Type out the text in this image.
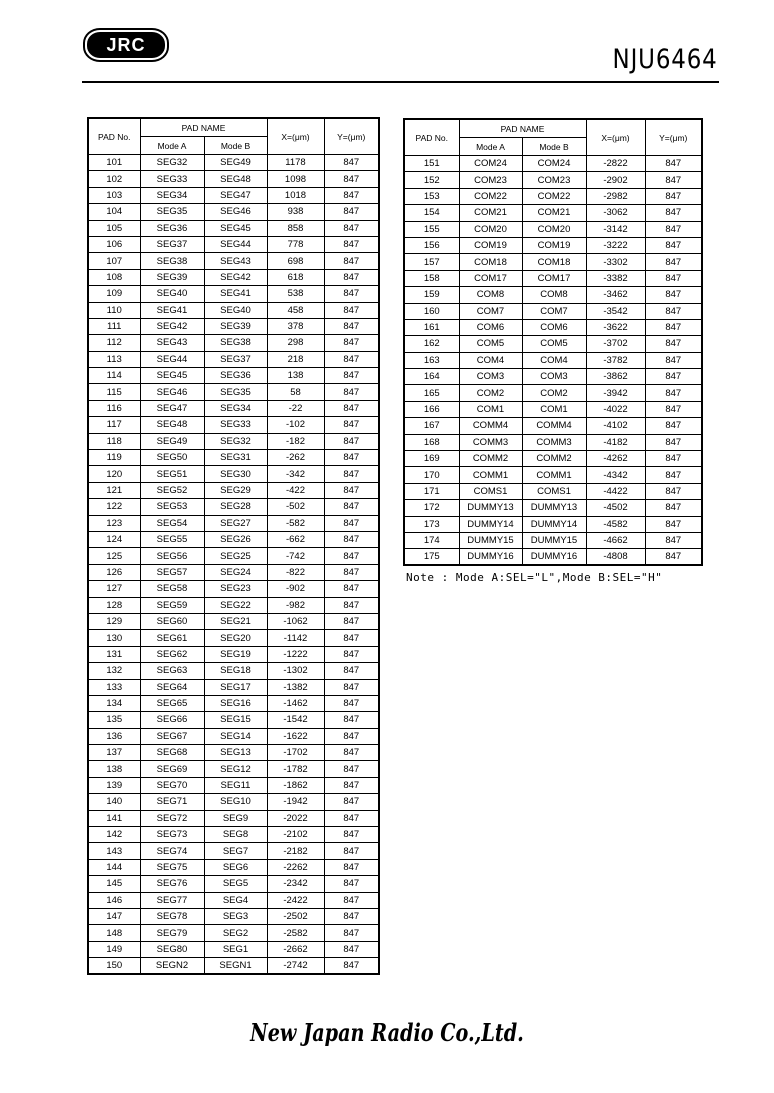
JRC	NJU6464
PAD No.	PAD NAME		X=(μm)	Y=(μm)
	Mode A	Mode B		
101	SEG32	SEG49	1178	847
102	SEG33	SEG48	1098	847
103	SEG34	SEG47	1018	847
104	SEG35	SEG46	938	847
105	SEG36	SEG45	858	847
106	SEG37	SEG44	778	847
107	SEG38	SEG43	698	847
108	SEG39	SEG42	618	847
109	SEG40	SEG41	538	847
110	SEG41	SEG40	458	847
111	SEG42	SEG39	378	847
112	SEG43	SEG38	298	847
113	SEG44	SEG37	218	847
114	SEG45	SEG36	138	847
115	SEG46	SEG35	58	847
116	SEG47	SEG34	-22	847
117	SEG48	SEG33	-102	847
118	SEG49	SEG32	-182	847
119	SEG50	SEG31	-262	847
120	SEG51	SEG30	-342	847
121	SEG52	SEG29	-422	847
122	SEG53	SEG28	-502	847
123	SEG54	SEG27	-582	847
124	SEG55	SEG26	-662	847
125	SEG56	SEG25	-742	847
126	SEG57	SEG24	-822	847
127	SEG58	SEG23	-902	847
128	SEG59	SEG22	-982	847
129	SEG60	SEG21	-1062	847
130	SEG61	SEG20	-1142	847
131	SEG62	SEG19	-1222	847
132	SEG63	SEG18	-1302	847
133	SEG64	SEG17	-1382	847
134	SEG65	SEG16	-1462	847
135	SEG66	SEG15	-1542	847
136	SEG67	SEG14	-1622	847
137	SEG68	SEG13	-1702	847
138	SEG69	SEG12	-1782	847
139	SEG70	SEG11	-1862	847
140	SEG71	SEG10	-1942	847
141	SEG72	SEG9	-2022	847
142	SEG73	SEG8	-2102	847
143	SEG74	SEG7	-2182	847
144	SEG75	SEG6	-2262	847
145	SEG76	SEG5	-2342	847
146	SEG77	SEG4	-2422	847
147	SEG78	SEG3	-2502	847
148	SEG79	SEG2	-2582	847
149	SEG80	SEG1	-2662	847
150	SEGN2	SEGN1	-2742	847
PAD No.	PAD NAME		X=(μm)	Y=(μm)
	Mode A	Mode B		
151	COM24	COM24	-2822	847
152	COM23	COM23	-2902	847
153	COM22	COM22	-2982	847
154	COM21	COM21	-3062	847
155	COM20	COM20	-3142	847
156	COM19	COM19	-3222	847
157	COM18	COM18	-3302	847
158	COM17	COM17	-3382	847
159	COM8	COM8	-3462	847
160	COM7	COM7	-3542	847
161	COM6	COM6	-3622	847
162	COM5	COM5	-3702	847
163	COM4	COM4	-3782	847
164	COM3	COM3	-3862	847
165	COM2	COM2	-3942	847
166	COM1	COM1	-4022	847
167	COMM4	COMM4	-4102	847
168	COMM3	COMM3	-4182	847
169	COMM2	COMM2	-4262	847
170	COMM1	COMM1	-4342	847
171	COMS1	COMS1	-4422	847
172	DUMMY13	DUMMY13	-4502	847
173	DUMMY14	DUMMY14	-4582	847
174	DUMMY15	DUMMY15	-4662	847
175	DUMMY16	DUMMY16	-4808	847
Note : Mode A:SEL="L",Mode B:SEL="H"
New Japan Radio Co.,Ltd.
